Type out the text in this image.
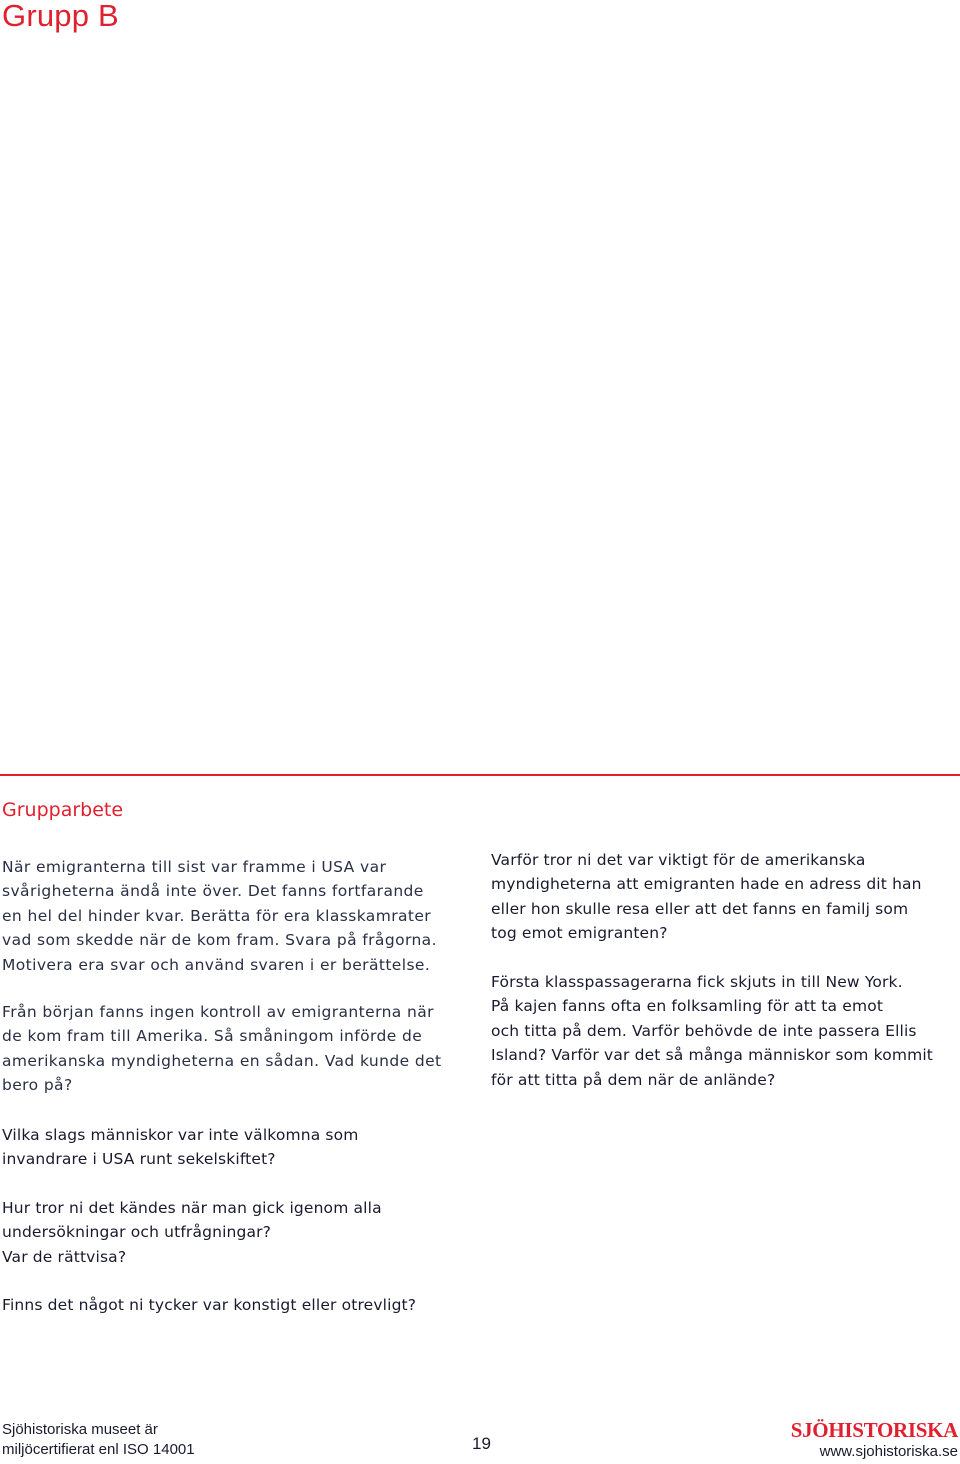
Grupp B
Grupparbete

När emigranterna till sist var framme i USA var
svårigheterna ändå inte över. Det fanns fortfarande
en hel del hinder kvar. Berätta för era klasskamrater
vad som skedde när de kom fram. Svara på frågorna.
Motivera era svar och använd svaren i er berättelse.

Från början fanns ingen kontroll av emigranterna när
de kom fram till Amerika. Så småningom införde de
amerikanska myndigheterna en sådan. Vad kunde det
bero på?

Varför tror ni det var viktigt för de amerikanska
myndigheterna att emigranten hade en adress dit han
eller hon skulle resa eller att det fanns en familj som
tog emot emigranten?

Första klasspassagerarna fick skjuts in till New York.
På kajen fanns ofta en folksamling för att ta emot
och titta på dem. Varför behövde de inte passera Ellis
Island? Varför var det så många människor som kommit
för att titta på dem när de anlände?

Vilka slags människor var inte välkomna som
invandrare i USA runt sekelskiftet?

Hur tror ni det kändes när man gick igenom alla
undersökningar och utfrågningar?
Var de rättvisa?

Finns det något ni tycker var konstigt eller otrevligt?

Sjöhistoriska museet är
miljöcertifierat enl ISO 14001	19
SJÖHISTORISKA
www.sjohistoriska.se
